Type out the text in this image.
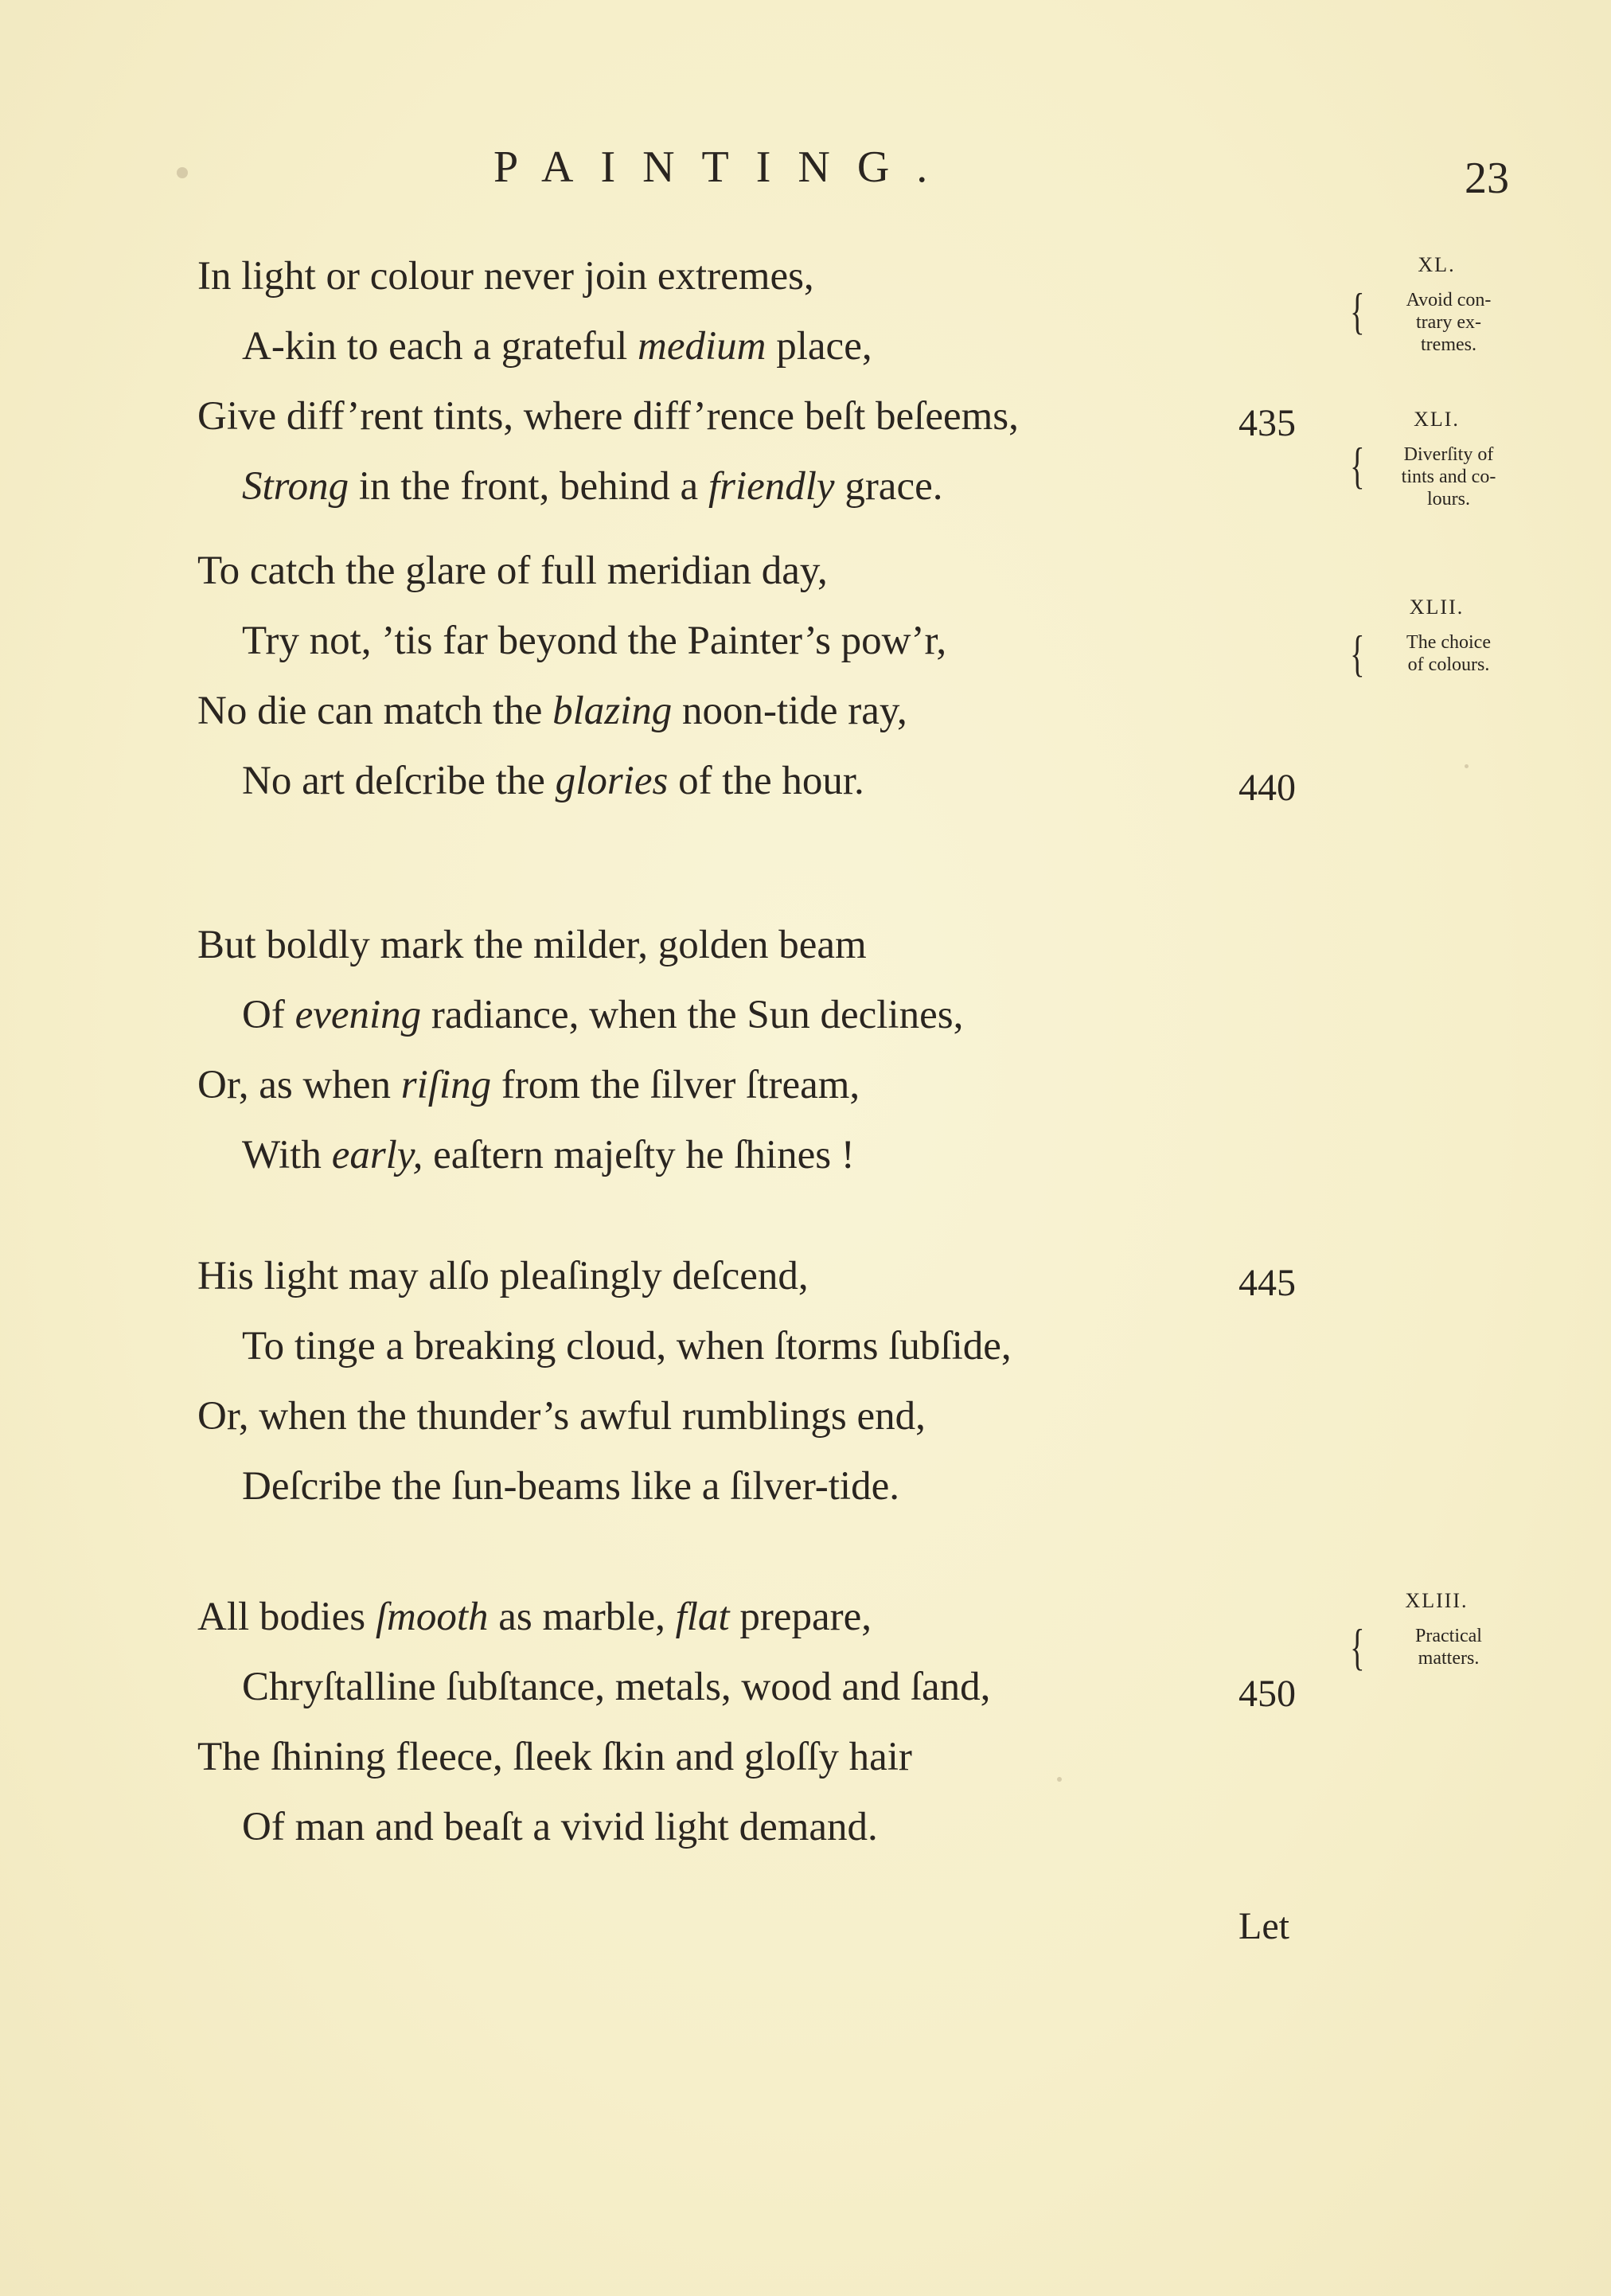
PAINTING.	23
In light or colour never join extremes,
A-kin to each a grateful medium place,
Give diff’rent tints, where diff’rence beſt beſeems,	435
Strong in the front, behind a friendly grace.
To catch the glare of full meridian day,
Try not, ’tis far beyond the Painter’s pow’r,
No die can match the blazing noon-tide ray,
No art deſcribe the glories of the hour.	440
But boldly mark the milder, golden beam
Of evening radiance, when the Sun declines,
Or, as when riſing from the ſilver ſtream,
With early, eaſtern majeſty he ſhines !
His light may alſo pleaſingly deſcend,	445
To tinge a breaking cloud, when ſtorms ſubſide,
Or, when the thunder’s awful rumblings end,
Deſcribe the ſun-beams like a ſilver-tide.
All bodies ſmooth as marble, flat prepare,
Chryſtalline ſubſtance, metals, wood and ſand,	450
The ſhining fleece, ſleek ſkin and gloſſy hair
Of man and beaſt a vivid light demand.
XL.
{	Avoid con-
trary ex-
tremes.
XLI.
{	Diverſity of
tints and co-
lours.
XLII.
{	The choice
of colours.
XLIII.
{	Practical
matters.
Let
